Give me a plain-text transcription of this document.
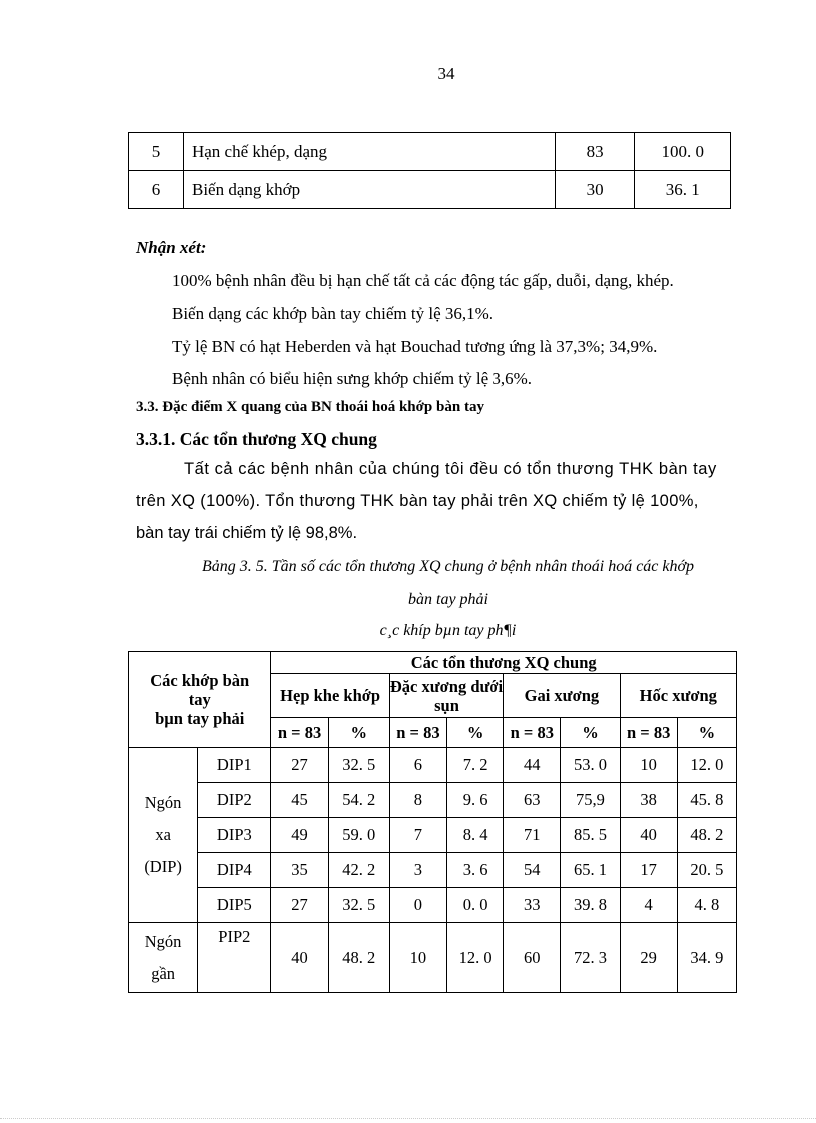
34
5	Hạn chế khép, dạng	83	100. 0
6	Biến dạng khớp	30	36. 1
Nhận xét:
100% bệnh nhân đều bị hạn chế tất cả các động tác gấp, duỗi, dạng, khép.
Biến dạng các khớp bàn tay chiếm tỷ lệ 36,1%.
Tỷ lệ BN có hạt Heberden và hạt Bouchad tương ứng là 37,3%; 34,9%.
Bệnh nhân có biểu hiện sưng khớp chiếm tỷ lệ 3,6%.
3.3. Đặc điểm X quang của BN thoái hoá khớp bàn tay
3.3.1. Các tổn thương XQ chung
Tất cả các bệnh nhân của chúng tôi đều có tổn thương THK bàn tay
trên XQ (100%). Tổn thương THK bàn tay phải trên XQ chiếm tỷ lệ 100%,
bàn tay trái chiếm tỷ lệ 98,8%.
Bảng 3. 5. Tần số các tổn thương XQ chung ở bệnh nhân thoái hoá các khớp
bàn tay phải
c¸c khíp bµn tay ph¶i
Các khớp bàn
tay
bµn tay phải		Các tổn thương XQ chung							
		Hẹp khe khớp		Đặc xương dưới sụn		Gai xương		Hốc xương	
		n = 83	%	n = 83	%	n = 83	%	n = 83	%

Ngón
xa
(DIP)	DIP1	27	32. 5	6	7. 2	44	53. 0	10	12. 0
	DIP2	45	54. 2	8	9. 6	63	75,9	38	45. 8
	DIP3	49	59. 0	7	8. 4	71	85. 5	40	48. 2
	DIP4	35	42. 2	3	3. 6	54	65. 1	17	20. 5
	DIP5	27	32. 5	0	0. 0	33	39. 8	4	4. 8

Ngón
gần	PIP2	40	48. 2	10	12. 0	60	72. 3	29	34. 9
